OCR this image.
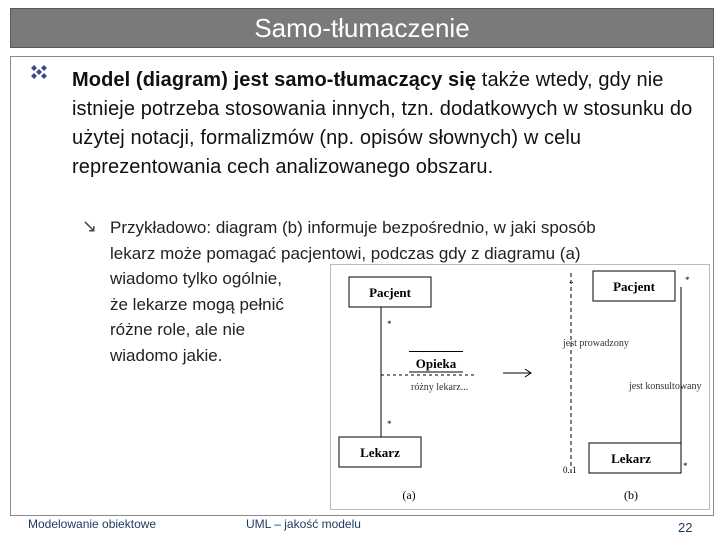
Samo-tłumaczenie
Model (diagram) jest samo-tłumaczący się także wtedy, gdy nie istnieje potrzeba stosowania innych, tzn. dodatkowych w stosunku do użytej notacji, formalizmów (np. opisów słownych) w celu reprezentowania cech analizowanego obszaru.
↘ Przykładowo: diagram (b) informuje bezpośrednio, w jaki sposób
lekarz może pomagać pacjentowi, podczas gdy z diagramu (a)
wiadomo tylko ogólnie,
że lekarze mogą pełnić
różne role, ale nie
wiadomo jakie.
Pacjent
*
*
Opieka
różny lekarz...
Lekarz
(a)
Pacjent
..	*
jest prowadzony
jest konsultowany
Lekarz
0..1	*
(b)
Modelowanie obiektowe	UML – jakość modelu	22
